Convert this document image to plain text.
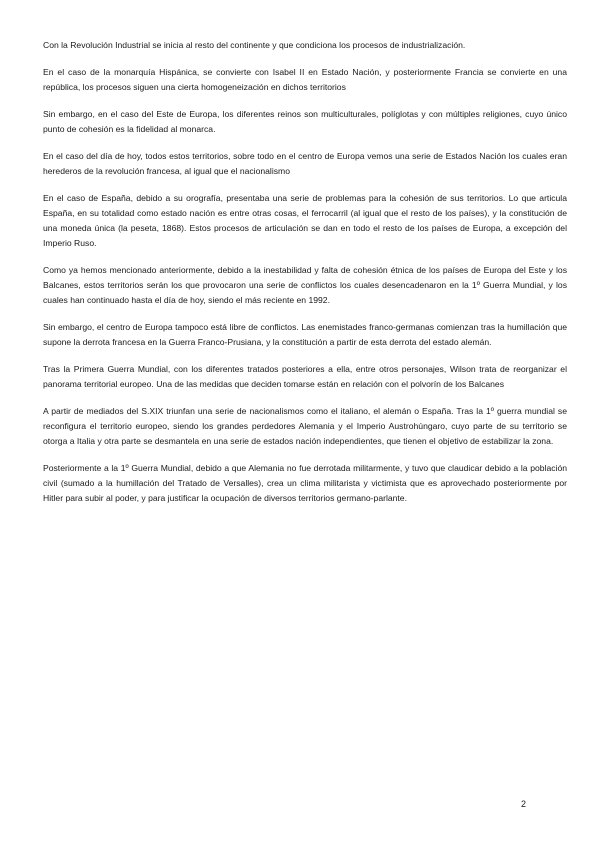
Con la Revolución Industrial se inicia al resto del continente y que condiciona los procesos de industrialización.

En el caso de la monarquía Hispánica, se convierte con Isabel II en Estado Nación, y posteriormente Francia se convierte en una república, los procesos siguen una cierta homogeneización en dichos territorios

Sin embargo, en el caso del Este de Europa, los diferentes reinos son multiculturales, políglotas y con múltiples religiones, cuyo único punto de cohesión es la fidelidad al monarca.

En el caso del día de hoy, todos estos territorios, sobre todo en el centro de Europa vemos una serie de Estados Nación los cuales eran herederos de la revolución francesa, al igual que el nacionalismo

En el caso de España, debido a su orografía, presentaba una serie de problemas para la cohesión de sus territorios. Lo que articula España, en su totalidad como estado nación es entre otras cosas, el ferrocarril (al igual que el resto de los países), y la constitución de una moneda única (la peseta, 1868). Estos procesos de articulación se dan en todo el resto de los países de Europa, a excepción del Imperio Ruso.

Como ya hemos mencionado anteriormente, debido a la inestabilidad y falta de cohesión étnica de los países de Europa del Este y los Balcanes, estos territorios serán los que provocaron una serie de conflictos los cuales desencadenaron en la 1º Guerra Mundial, y los cuales han continuado hasta el día de hoy, siendo el más reciente en 1992.

Sin embargo, el centro de Europa tampoco está libre de conflictos. Las enemistades franco-germanas comienzan tras la humillación que supone la derrota francesa en la Guerra Franco-Prusiana, y la constitución a partir de esta derrota del estado alemán.

Tras la Primera Guerra Mundial, con los diferentes tratados posteriores a ella, entre otros personajes, Wilson trata de reorganizar el panorama territorial europeo. Una de las medidas que deciden tomarse están en relación con el polvorín de los Balcanes

A partir de mediados del S.XIX triunfan una serie de nacionalismos como el italiano, el alemán o España. Tras la 1º guerra mundial se reconfigura el territorio europeo, siendo los grandes perdedores Alemania y el Imperio Austrohúngaro, cuyo parte de su territorio se otorga a Italia y otra parte se desmantela en una serie de estados nación independientes, que tienen el objetivo de estabilizar la zona.

Posteriormente a la 1º Guerra Mundial, debido a que Alemania no fue derrotada militarmente, y tuvo que claudicar debido a la población civil (sumado a la humillación del Tratado de Versalles), crea un clima militarista y victimista que es aprovechado posteriormente por Hitler para subir al poder, y para justificar la ocupación de diversos territorios germano-parlante.

2
